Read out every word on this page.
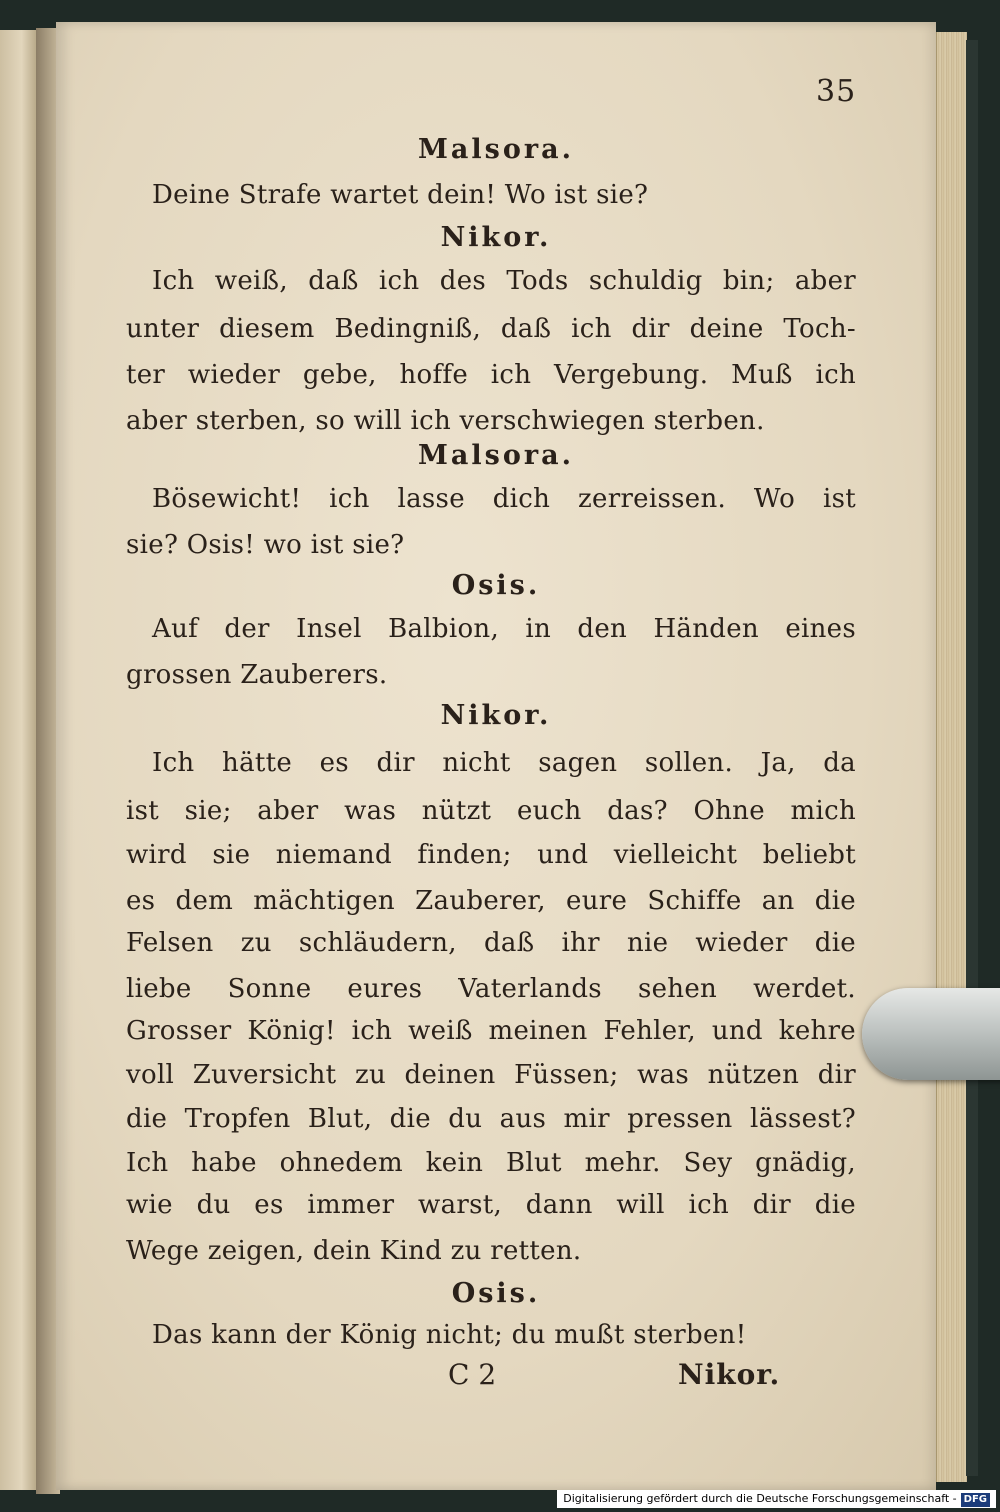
35
Malsora.
Deine Strafe wartet dein! Wo ist sie?
Nikor.
Ich weiß, daß ich des Tods schuldig bin; aber
unter diesem Bedingniß, daß ich dir deine Toch-
ter wieder gebe, hoffe ich Vergebung. Muß ich
aber sterben, so will ich verschwiegen sterben.
Malsora.
Bösewicht! ich lasse dich zerreissen. Wo ist
sie? Osis! wo ist sie?
Osis.
Auf der Insel Balbion, in den Händen eines
grossen Zauberers.
Nikor.
Ich hätte es dir nicht sagen sollen. Ja, da
ist sie; aber was nützt euch das? Ohne mich
wird sie niemand finden; und vielleicht beliebt
es dem mächtigen Zauberer, eure Schiffe an die
Felsen zu schläudern, daß ihr nie wieder die
liebe Sonne eures Vaterlands sehen werdet.
Grosser König! ich weiß meinen Fehler, und kehre
voll Zuversicht zu deinen Füssen; was nützen dir
die Tropfen Blut, die du aus mir pressen lässest?
Ich habe ohnedem kein Blut mehr. Sey gnädig,
wie du es immer warst, dann will ich dir die
Wege zeigen, dein Kind zu retten.
Osis.
Das kann der König nicht; du mußt sterben!
C 2	Nikor.
Digitalisierung gefördert durch die Deutsche Forschungsgemeinschaft - DFG
